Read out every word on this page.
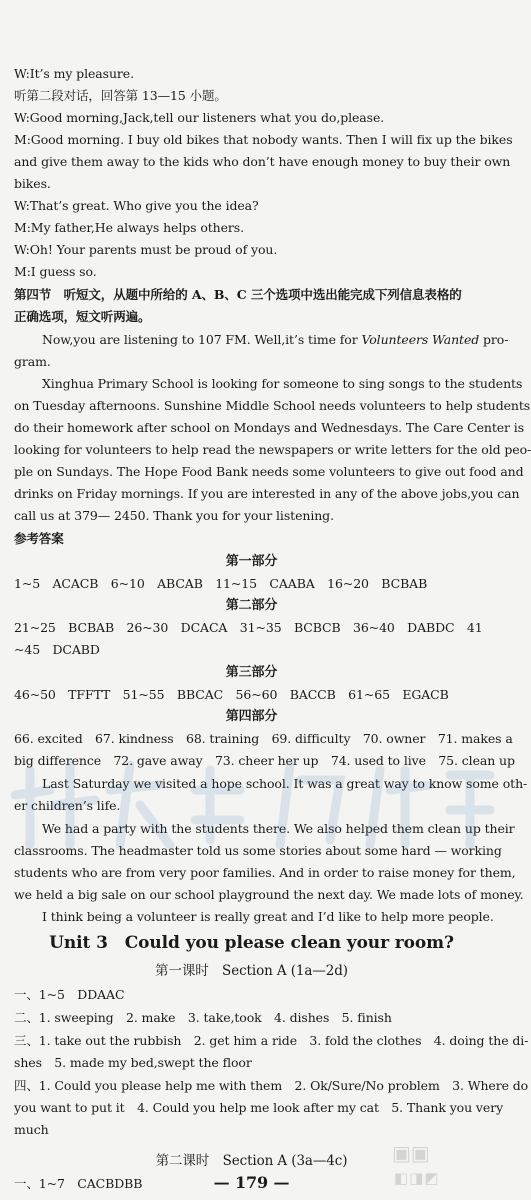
W:It’s my pleasure.
听第二段对话，回答第 13—15 小题。
W:Good morning,Jack,tell our listeners what you do,please.
M:Good morning. I buy old bikes that nobody wants. Then I will fix up the bikes
and give them away to the kids who don’t have enough money to buy their own
bikes.
W:That’s great. Who give you the idea?
M:My father,He always helps others.
W:Oh! Your parents must be proud of you.
M:I guess so.
第四节　听短文，从题中所给的 A、B、C 三个选项中选出能完成下列信息表格的
正确选项，短文听两遍。
Now,you are listening to 107 FM. Well,it’s time for Volunteers Wanted pro-
gram.
Xinghua Primary School is looking for someone to sing songs to the students
on Tuesday afternoons. Sunshine Middle School needs volunteers to help students
do their homework after school on Mondays and Wednesdays. The Care Center is
looking for volunteers to help read the newspapers or write letters for the old peo-
ple on Sundays. The Hope Food Bank needs some volunteers to give out food and
drinks on Friday mornings. If you are interested in any of the above jobs,you can
call us at 379— 2450. Thank you for your listening.
参考答案
第一部分
1~5　ACACB　6~10　ABCAB　11~15　CAABA　16~20　BCBAB
第二部分
21~25　BCBAB　26~30　DCACA　31~35　BCBCB　36~40　DABDC　41
~45　DCABD
第三部分
46~50　TFFTT　51~55　BBCAC　56~60　BACCB　61~65　EGACB
第四部分
66. excited　67. kindness　68. training　69. difficulty　70. owner　71. makes a
big difference　72. gave away　73. cheer her up　74. used to live　75. clean up
Last Saturday we visited a hope school. It was a great way to know some oth-
er children’s life.
We had a party with the students there. We also helped them clean up their
classrooms. The headmaster told us some stories about some hard — working
students who are from very poor families. And in order to raise money for them,
we held a big sale on our school playground the next day. We made lots of money.
I think being a volunteer is really great and I’d like to help more people.
Unit 3　Could you please clean your room?
第一课时　Section A (1a—2d)
一、1~5　DDAAC
二、1. sweeping　2. make　3. take,took　4. dishes　5. finish
三、1. take out the rubbish　2. get him a ride　3. fold the clothes　4. doing the di-
shes　5. made my bed,swept the floor
四、1. Could you please help me with them　2. Ok/Sure/No problem　3. Where do
you want to put it　4. Could you help me look after my cat　5. Thank you very
much
第二课时　Section A (3a—4c)
一、1~7　CACBDBB	— 179 —
▣▣
◧◨◩
